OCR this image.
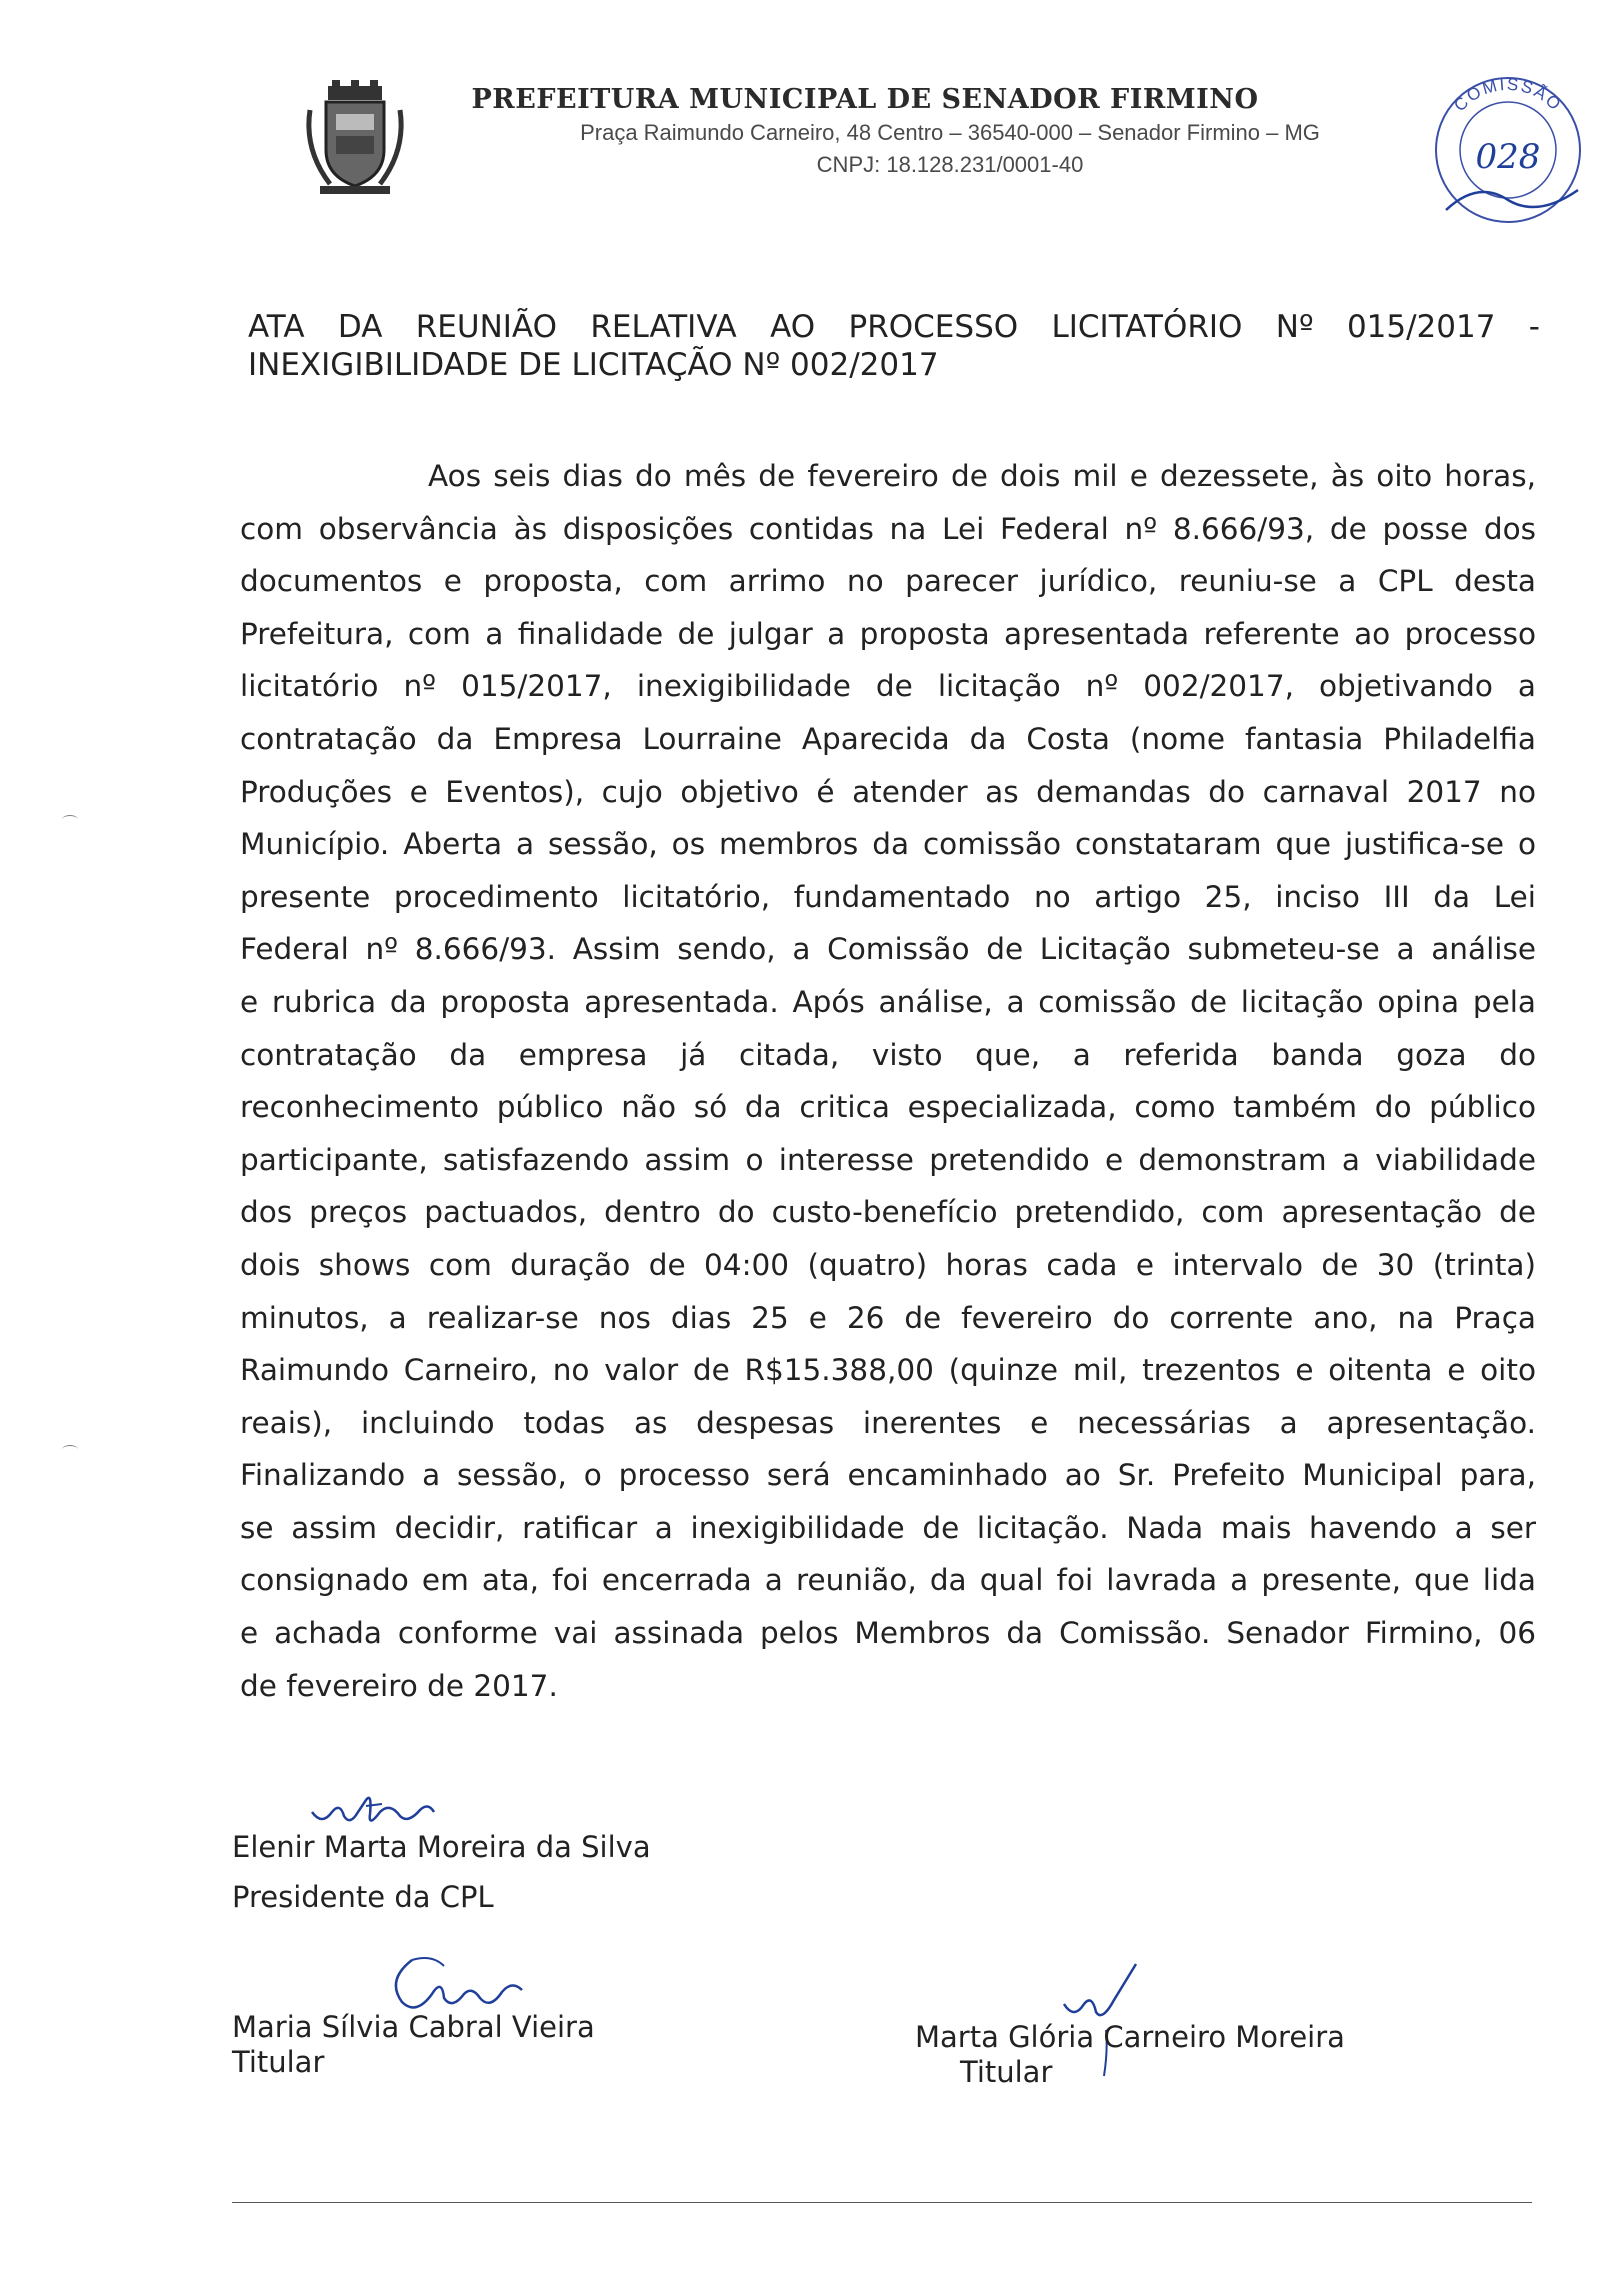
PREFEITURA MUNICIPAL DE SENADOR FIRMINO
Praça Raimundo Carneiro, 48 Centro – 36540-000 – Senador Firmino – MG
CNPJ: 18.128.231/0001-40
COMISSÃO
028
ATA DA REUNIÃO RELATIVA AO PROCESSO LICITATÓRIO Nº 015/2017 -
INEXIGIBILIDADE DE LICITAÇÃO Nº 002/2017
Aos seis dias do mês de fevereiro de dois mil e dezessete, às oito horas,
com observância às disposições contidas na Lei Federal nº 8.666/93, de posse dos
documentos e proposta, com arrimo no parecer jurídico, reuniu-se a CPL desta
Prefeitura, com a finalidade de julgar a proposta apresentada referente ao processo
licitatório nº 015/2017, inexigibilidade de licitação nº 002/2017, objetivando a
contratação da Empresa Lourraine Aparecida da Costa (nome fantasia Philadelfia
Produções e Eventos), cujo objetivo é atender as demandas do carnaval 2017 no
Município. Aberta a sessão, os membros da comissão constataram que justifica-se o
presente procedimento licitatório, fundamentado no artigo 25, inciso III da Lei
Federal nº 8.666/93. Assim sendo, a Comissão de Licitação submeteu-se a análise
e rubrica da proposta apresentada. Após análise, a comissão de licitação opina pela
contratação da empresa já citada, visto que, a referida banda goza do
reconhecimento público não só da critica especializada, como também do público
participante, satisfazendo assim o interesse pretendido e demonstram a viabilidade
dos preços pactuados, dentro do custo-benefício pretendido, com apresentação de
dois shows com duração de 04:00 (quatro) horas cada e intervalo de 30 (trinta)
minutos, a realizar-se nos dias 25 e 26 de fevereiro do corrente ano, na Praça
Raimundo Carneiro, no valor de R$15.388,00 (quinze mil, trezentos e oitenta e oito
reais), incluindo todas as despesas inerentes e necessárias a apresentação.
Finalizando a sessão, o processo será encaminhado ao Sr. Prefeito Municipal para,
se assim decidir, ratificar a inexigibilidade de licitação. Nada mais havendo a ser
consignado em ata, foi encerrada a reunião, da qual foi lavrada a presente, que lida
e achada conforme vai assinada pelos Membros da Comissão. Senador Firmino, 06
de fevereiro de 2017.
Elenir Marta Moreira da Silva
Presidente da CPL
Maria Sílvia Cabral Vieira
Titular
Marta Glória Carneiro Moreira
Titular
